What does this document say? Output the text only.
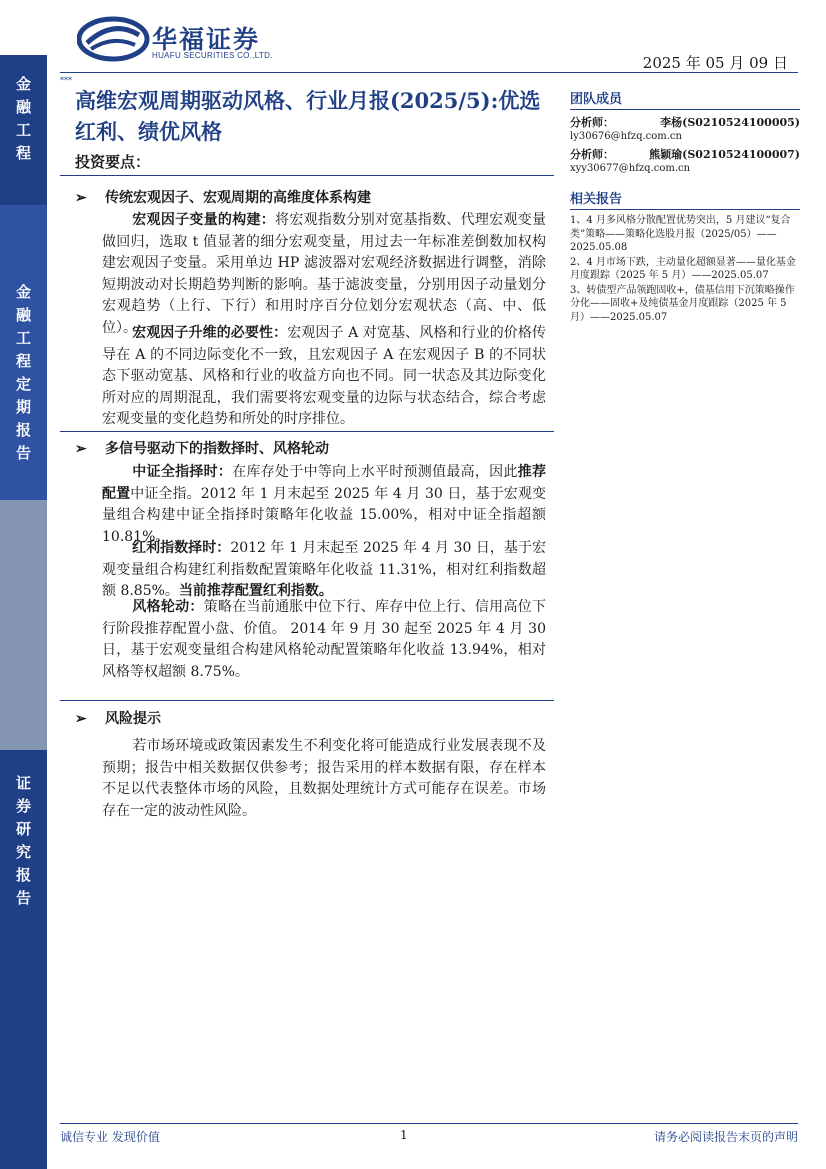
金融工程
金融工程定期报告
证券研究报告
华福证券
HUAFU SECURITIES CO.,LTD.	2025 年 05 月 09 日
***
高维宏观周期驱动风格、行业月报(2025/5):优选红利、绩优风格
投资要点：
➢ 传统宏观因子、宏观周期的高维度体系构建
宏观因子变量的构建：将宏观指数分别对宽基指数、代理宏观变量做回归，选取 t 值显著的细分宏观变量，用过去一年标准差倒数加权构建宏观因子变量。采用单边 HP 滤波器对宏观经济数据进行调整，消除短期波动对长期趋势判断的影响。基于滤波变量，分别用因子动量划分宏观趋势（上行、下行）和用时序百分位划分宏观状态（高、中、低位）。
宏观因子升维的必要性：宏观因子 A 对宽基、风格和行业的价格传导在 A 的不同边际变化不一致，且宏观因子 A 在宏观因子 B 的不同状态下驱动宽基、风格和行业的收益方向也不同。同一状态及其边际变化所对应的周期混乱，我们需要将宏观变量的边际与状态结合，综合考虑宏观变量的变化趋势和所处的时序排位。
➢ 多信号驱动下的指数择时、风格轮动
中证全指择时：在库存处于中等向上水平时预测值最高，因此推荐配置中证全指。2012 年 1 月末起至 2025 年 4 月 30 日，基于宏观变量组合构建中证全指择时策略年化收益 15.00%，相对中证全指超额 10.81%。
红利指数择时：2012 年 1 月末起至 2025 年 4 月 30 日，基于宏观变量组合构建红利指数配置策略年化收益 11.31%，相对红利指数超额 8.85%。当前推荐配置红利指数。
风格轮动：策略在当前通胀中位下行、库存中位上行、信用高位下行阶段推荐配置小盘、价值。 2014 年 9 月 30 起至 2025 年 4 月 30 日，基于宏观变量组合构建风格轮动配置策略年化收益 13.94%，相对风格等权超额 8.75%。
➢ 风险提示
若市场环境或政策因素发生不利变化将可能造成行业发展表现不及预期；报告中相关数据仅供参考；报告采用的样本数据有限，存在样本不足以代表整体市场的风险，且数据处理统计方式可能存在误差。市场存在一定的波动性风险。
团队成员
分析师：	李杨(S0210524100005)
ly30676@hfzq.com.cn
分析师：	熊颖瑜(S0210524100007)
xyy30677@hfzq.com.cn
相关报告
1、4 月多风格分散配置优势突出，5 月建议“复合类”策略——策略化选股月报（2025/05）——2025.05.08
2、4 月市场下跌，主动量化超额显著——量化基金月度跟踪（2025 年 5 月）——2025.05.07
3、转债型产品领跑固收+，债基信用下沉策略操作分化——固收+及纯债基金月度跟踪（2025 年 5 月）——2025.05.07
诚信专业 发现价值	1	请务必阅读报告末页的声明
